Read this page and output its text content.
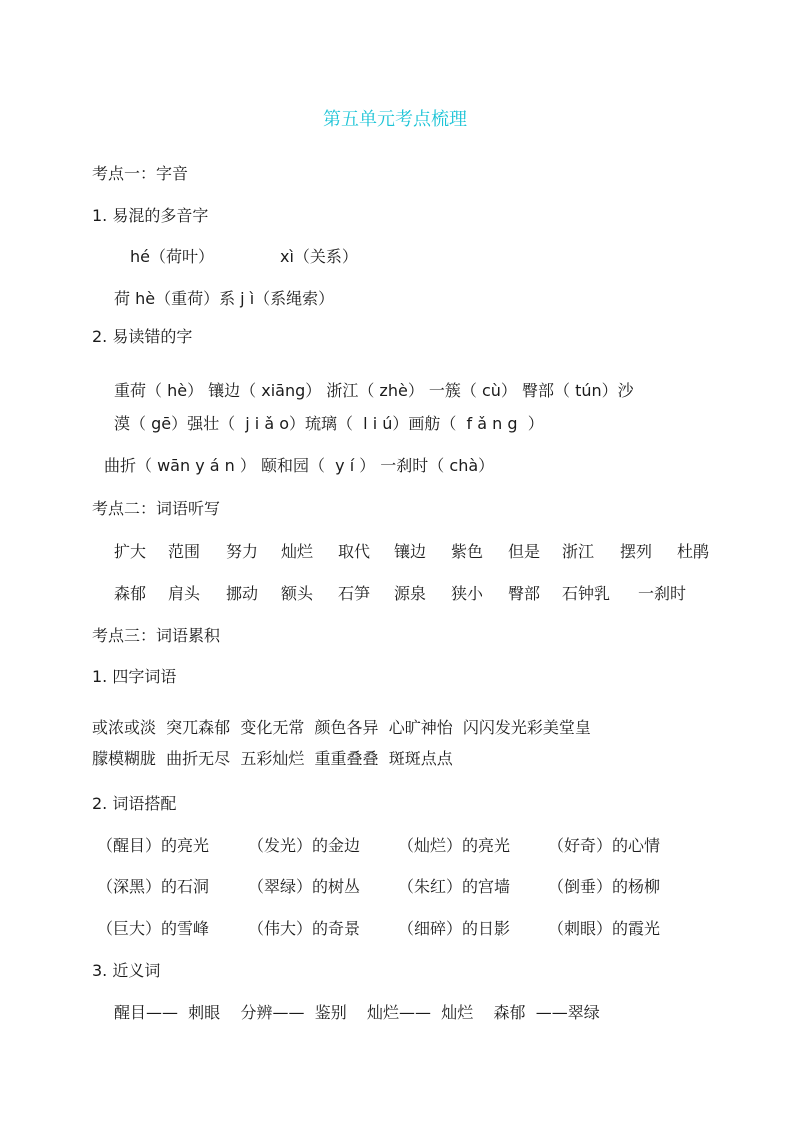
第五单元考点梳理
考点一：字音
1. 易混的多音字
hé（荷叶）	xì（关系）
荷 hè（重荷）系 j ì（系绳索）
2. 易读错的字
重荷（ hè） 镶边（ xiāng） 浙江（ zhè） 一簇（ cù） 臀部（ tún）沙
漠（ gē）强壮（  j i ǎ o）琉璃（  l i ú）画舫（  f ǎ n g  ）
曲折（ wān y á n ） 颐和园（  y í ） 一刹时（ chà）
考点二：词语听写
扩大 范围 努力 灿烂 取代 镶边 紫色 但是 浙江 摆列 杜鹃
森郁 肩头 挪动 额头 石笋 源泉 狭小 臀部 石钟乳 一刹时
考点三：词语累积
1. 四字词语
或浓或淡  突兀森郁  变化无常  颜色各异  心旷神怡  闪闪发光彩美堂皇
朦模糊胧  曲折无尽  五彩灿烂  重重叠叠  斑斑点点
2. 词语搭配
（醒目）的亮光 （发光）的金边 （灿烂）的亮光 （好奇）的心情
（深黑）的石洞 （翠绿）的树丛 （朱红）的宫墙 （倒垂）的杨柳
（巨大）的雪峰 （伟大）的奇景 （细碎）的日影 （刺眼）的霞光
3. 近义词
醒目——  刺眼    分辨——  鉴别    灿烂——  灿烂    森郁  ——翠绿
